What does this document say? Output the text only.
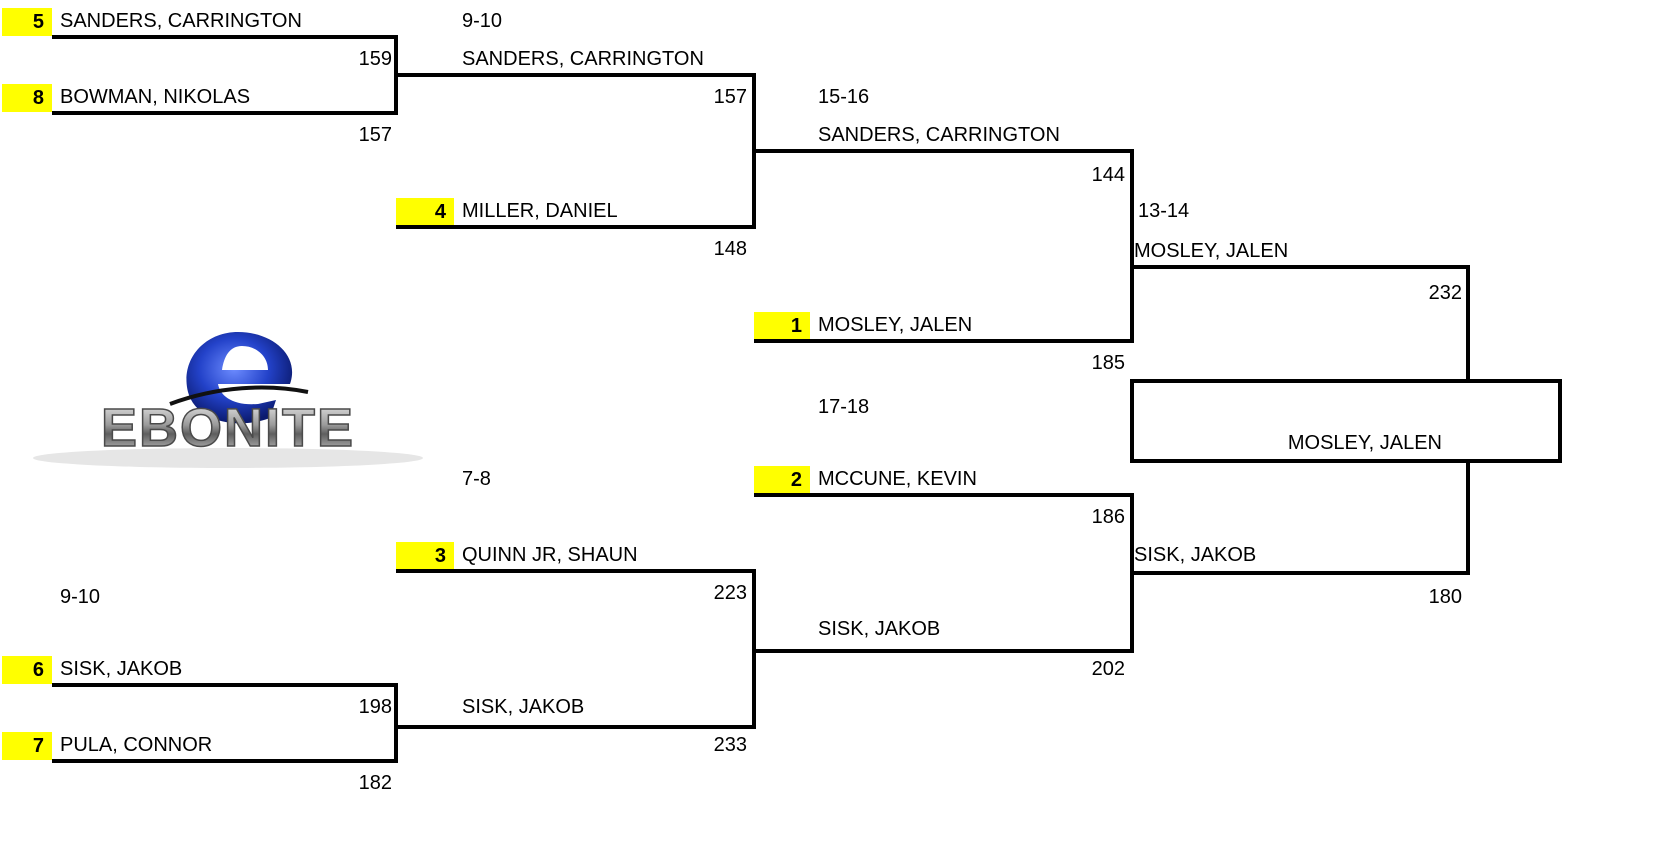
5
8
4
1
2
3
6
7
SANDERS, CARRINGTON
BOWMAN, NIKOLAS
MILLER, DANIEL
MOSLEY, JALEN
MCCUNE, KEVIN
QUINN JR, SHAUN
SISK, JAKOB
PULA, CONNOR
159
157
148
185
186
223
198
182
9-10
15-16
13-14
17-18
7-8
9-10
SANDERS, CARRINGTON
157
SANDERS, CARRINGTON
144
MOSLEY, JALEN
232
MOSLEY, JALEN
SISK, JAKOB
180
SISK, JAKOB
233
SISK, JAKOB
202
EBONITE
